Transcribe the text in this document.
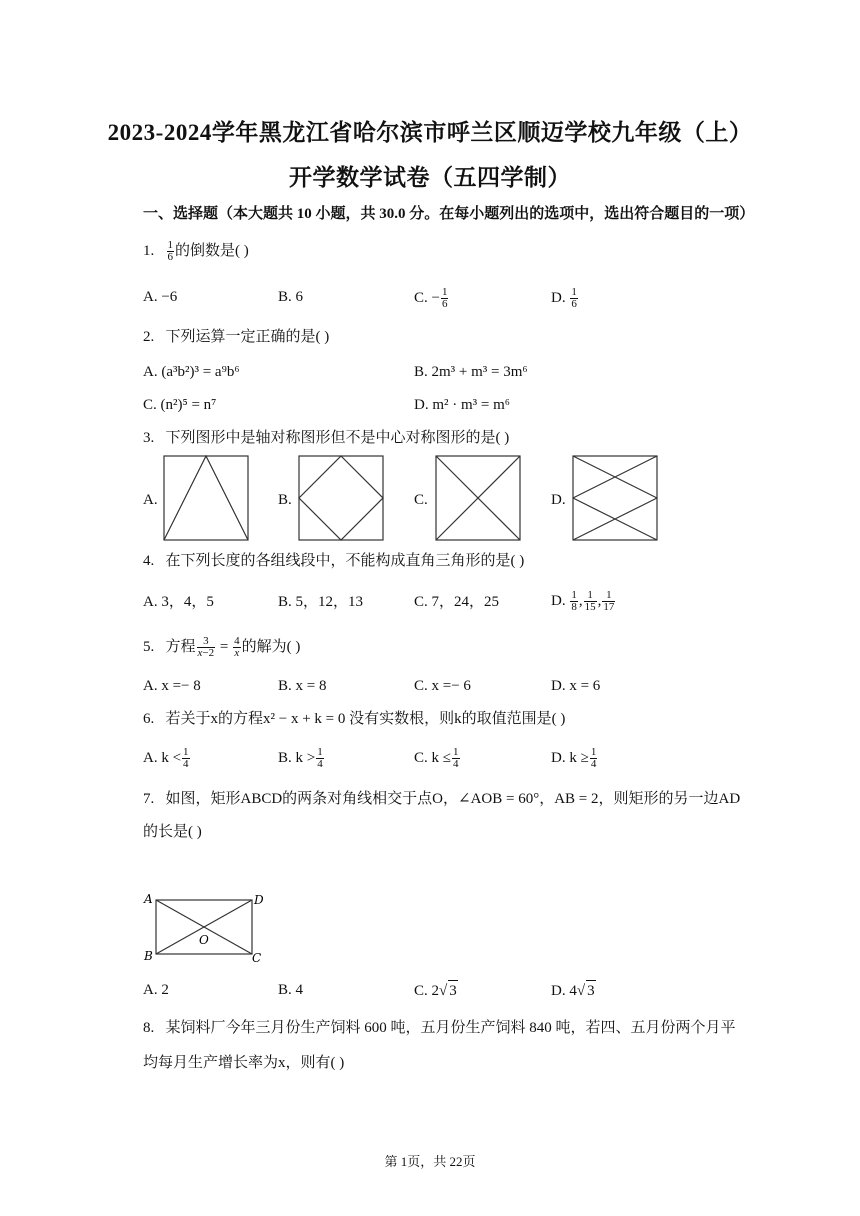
2023-2024学年黑龙江省哈尔滨市呼兰区顺迈学校九年级（上）
开学数学试卷（五四学制）
一、选择题（本大题共 10 小题，共 30.0 分。在每小题列出的选项中，选出符合题目的一项）
1. $\frac{1}{6}$ 的倒数是( )
A. −6	B. 6	C. − $\frac{1}{6}$	D. $\frac{1}{6}$
2. 下列运算一定正确的是( )
A. (a³b²)³ = a⁹b⁶	B. 2m³ + m³ = 3m⁶
C. (n²)⁵ = n⁷	D. m² · m³ = m⁶
3. 下列图形中是轴对称图形但不是中心对称图形的是( )
A.	B.	C.	D.
4. 在下列长度的各组线段中，不能构成直角三角形的是( )
A. 3，4，5	B. 5，12，13	C. 7，24，25	D. $\frac{1}{8}$ , $\frac{1}{15}$ , $\frac{1}{17}$
5. 方程 $\frac{3}{x-2} = \frac{4}{x}$ 的解为( )
A. x =− 8	B. x = 8	C. x =− 6	D. x = 6
6. 若关于x的方程x² − x + k = 0 没有实数根，则k的取值范围是( )
A. $k < \frac{1}{4}$	B. $k > \frac{1}{4}$	C. $k \le \frac{1}{4}$	D. $k \ge \frac{1}{4}$
7. 如图，矩形ABCD的两条对角线相交于点O，∠AOB = 60°，AB = 2，则矩形的另一边AD
的长是( )
A	D
B	C
O
A. 2	B. 4	C. 2√ 3	D. 4√ 3
8. 某饲料厂今年三月份生产饲料 600 吨，五月份生产饲料 840 吨，若四、五月份两个月平
均每月生产增长率为x，则有( )
第 1页，共 22页
